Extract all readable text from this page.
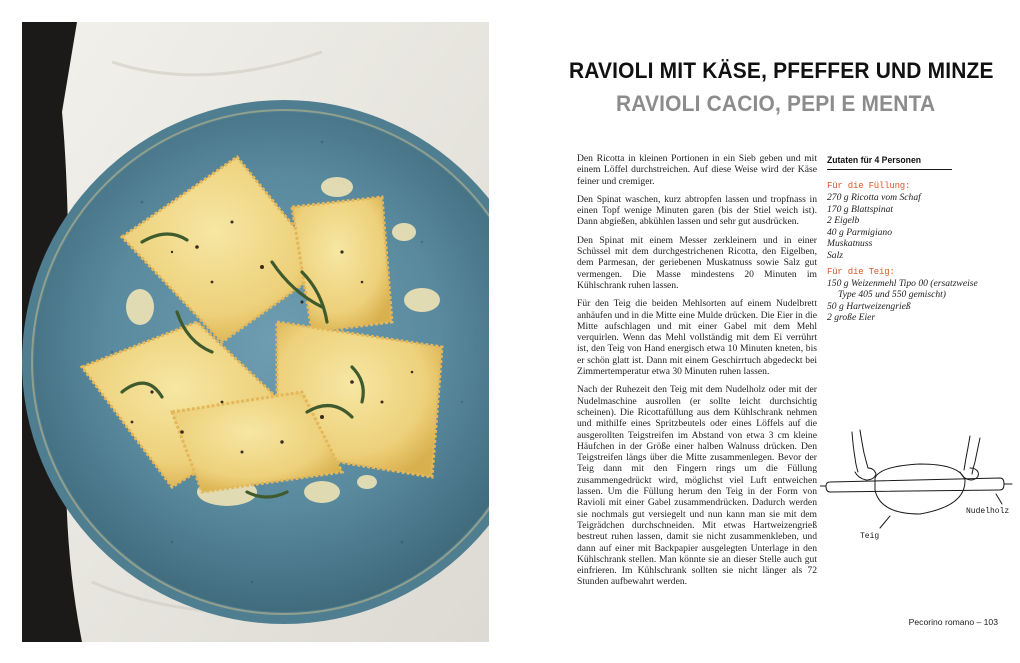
RAVIOLI MIT KÄSE, PFEFFER UND MINZE
RAVIOLI CACIO, PEPI E MENTA

Den Ricotta in kleinen Portionen in ein Sieb geben und mit einem Löffel durchstreichen. Auf diese Weise wird der Käse feiner und cremiger.

Den Spinat waschen, kurz abtropfen lassen und tropfnass in einen Topf wenige Minuten garen (bis der Stiel weich ist). Dann abgießen, abkühlen lassen und sehr gut ausdrücken.

Den Spinat mit einem Messer zerkleinern und in einer Schüssel mit dem durchgestrichenen Ricotta, den Eigelben, dem Parmesan, der geriebenen Muskatnuss sowie Salz gut vermengen. Die Masse mindestens 20 Minuten im Kühlschrank ruhen lassen.

Für den Teig die beiden Mehlsorten auf einem Nudelbrett anhäufen und in die Mitte eine Mulde drücken. Die Eier in die Mitte aufschlagen und mit einer Gabel mit dem Mehl verquirlen. Wenn das Mehl vollständig mit dem Ei verrührt ist, den Teig von Hand energisch etwa 10 Minuten kneten, bis er schön glatt ist. Dann mit einem Geschirrtuch abgedeckt bei Zimmertemperatur etwa 30 Minuten ruhen lassen.

Nach der Ruhezeit den Teig mit dem Nudelholz oder mit der Nudelmaschine ausrollen (er sollte leicht durchsichtig scheinen). Die Ricottafüllung aus dem Kühlschrank nehmen und mithilfe eines Spritzbeutels oder eines Löffels auf die ausgerollten Teigstreifen im Abstand von etwa 3 cm kleine Häufchen in der Größe einer halben Walnuss drücken. Den Teigstreifen längs über die Mitte zusammenlegen. Bevor der Teig dann mit den Fingern rings um die Füllung zusammengedrückt wird, möglichst viel Luft entweichen lassen. Um die Füllung herum den Teig in der Form von Ravioli mit einer Gabel zusammendrücken. Dadurch werden sie nochmals gut versiegelt und nun kann man sie mit dem Teigrädchen durchschneiden. Mit etwas Hartweizengrieß bestreut ruhen lassen, damit sie nicht zusammenkleben, und dann auf einer mit Backpapier ausgelegten Unterlage in den Kühlschrank stellen. Man könnte sie an dieser Stelle auch gut einfrieren. Im Kühlschrank sollten sie nicht länger als 72 Stunden aufbewahrt werden.

Zutaten für 4 Personen
Für die Füllung:
270 g Ricotta vom Schaf
170 g Blattspinat
2 Eigelb
40 g Parmigiano
Muskatnuss
Salz
Für die Teig:
150 g Weizenmehl Tipo 00 (ersatzweise Type 405 und 550 gemischt)
50 g Hartweizengrieß
2 große Eier
Nudelholz
Teig
Pecorino romano – 103
